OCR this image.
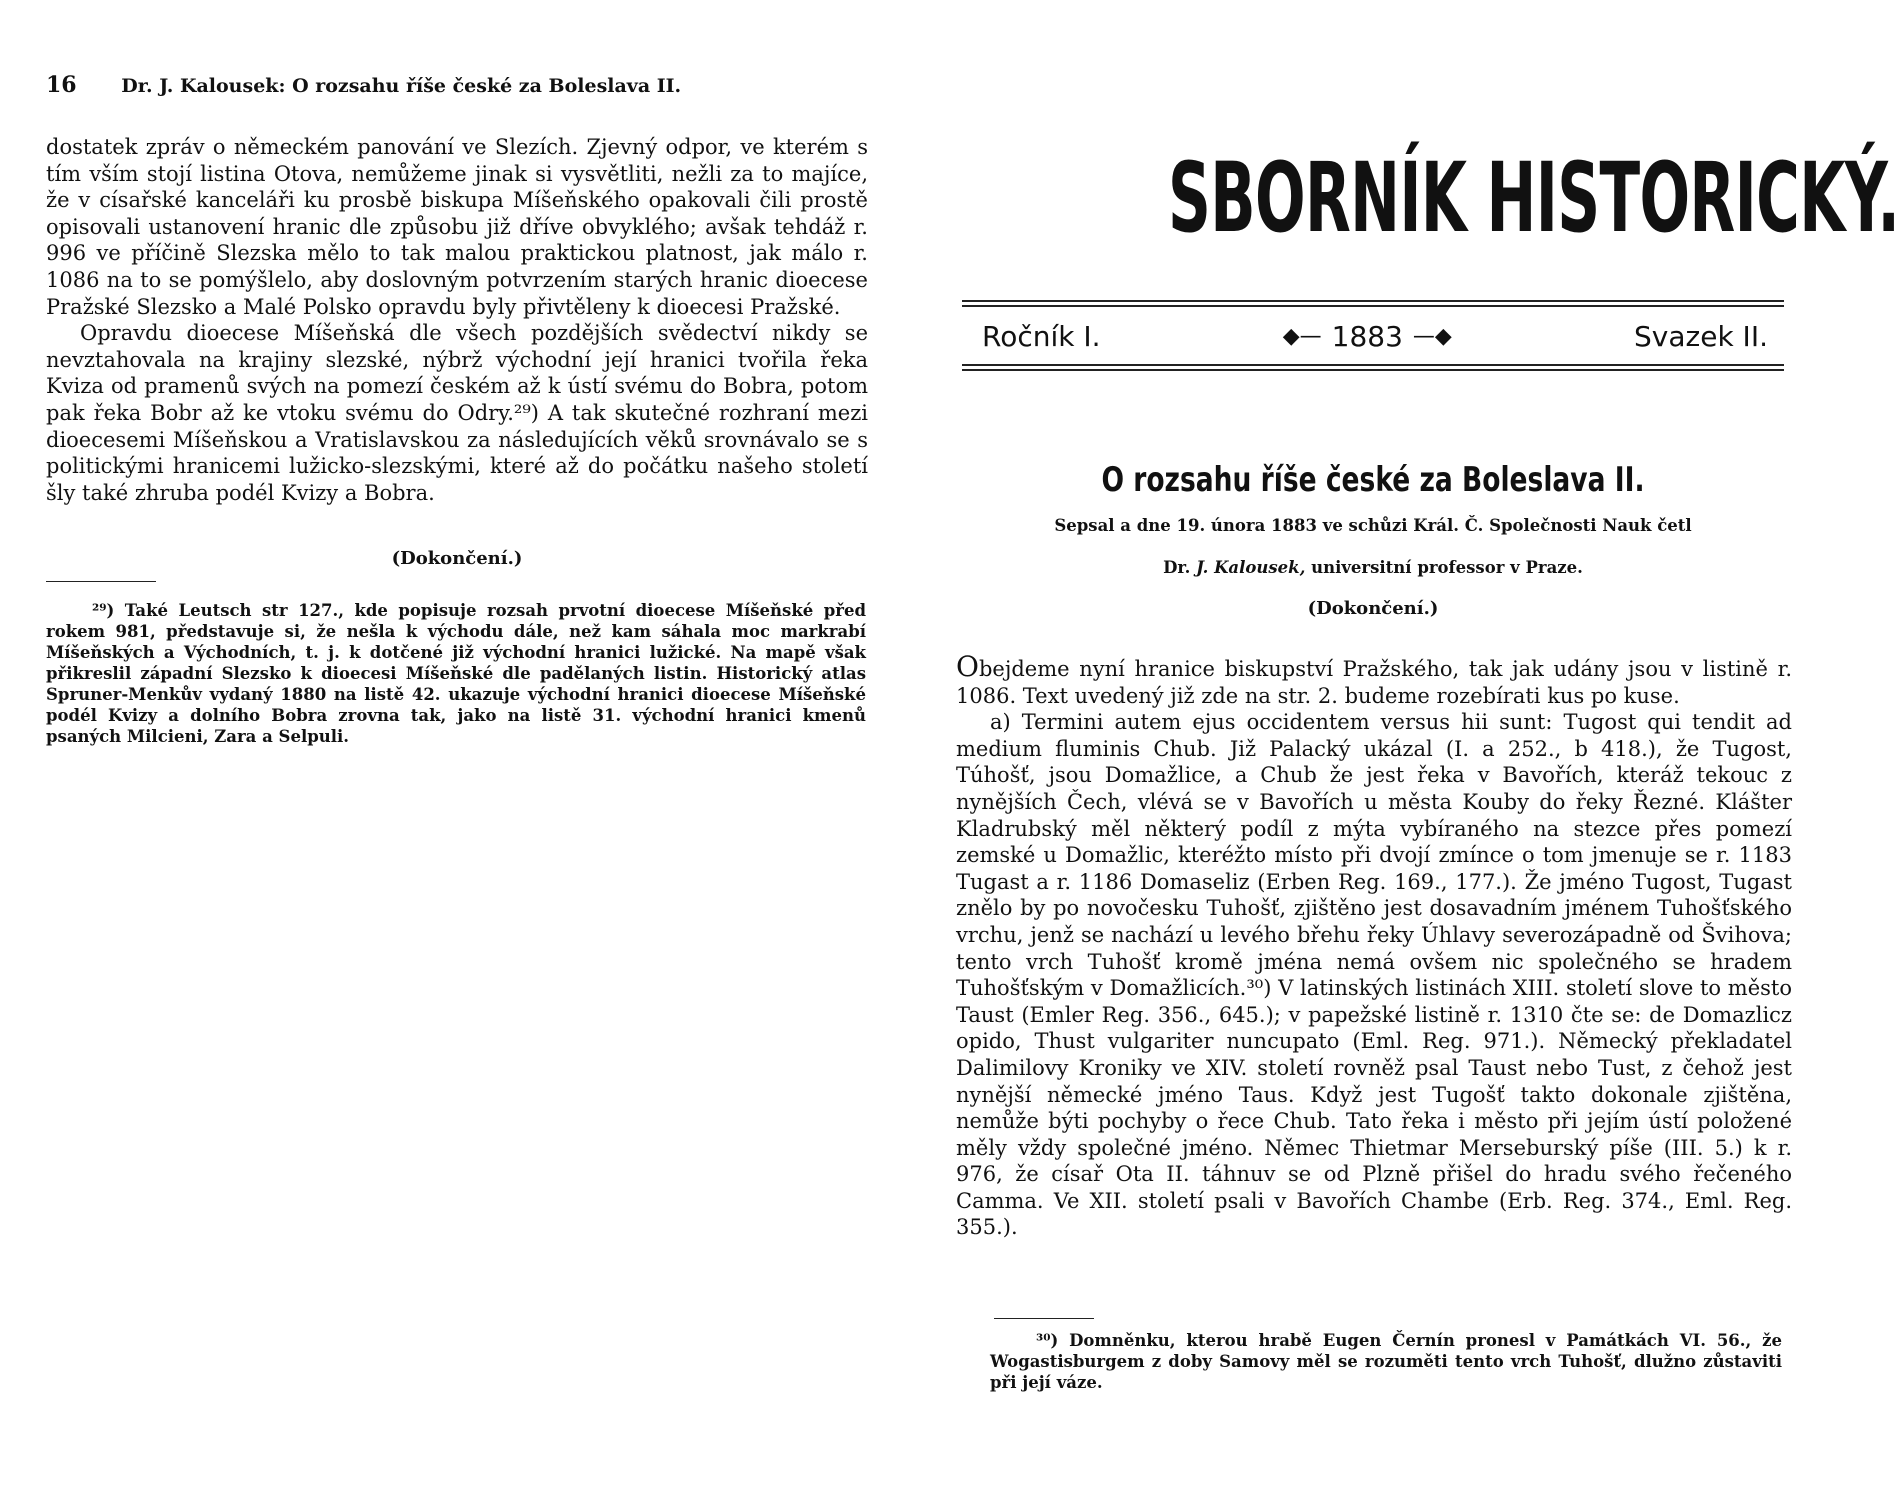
16 Dr. J. Kalousek: O rozsahu říše české za Boleslava II.

dostatek zpráv o německém panování ve Slezích. Zjevný odpor, ve kterém s tím vším stojí listina Otova, nemůžeme jinak si vysvětliti, nežli za to majíce, že v císařské kanceláři ku prosbě biskupa Míšeňského opakovali čili prostě opisovali ustanovení hranic dle způsobu již dříve obvyklého; avšak tehdáž r. 996 ve příčině Slezska mělo to tak malou praktickou platnost, jak málo r. 1086 na to se pomýšlelo, aby doslovným potvrzením starých hranic dioecese Pražské Slezsko a Malé Polsko opravdu byly přivtěleny k dioecesi Pražské.

Opravdu dioecese Míšeňská dle všech pozdějších svědectví nikdy se nevztahovala na krajiny slezské, nýbrž východní její hranici tvořila řeka Kviza od pramenů svých na pomezí českém až k ústí svému do Bobra, potom pak řeka Bobr až ke vtoku svému do Odry.²⁹) A tak skutečné rozhraní mezi dioecesemi Míšeňskou a Vratislavskou za následujících věků srovnávalo se s politickými hranicemi lužicko-slezskými, které až do počátku našeho století šly také zhruba podél Kvizy a Bobra.

(Dokončení.)

²⁹) Také Leutsch str 127., kde popisuje rozsah prvotní dioecese Míšeňské před rokem 981, představuje si, že nešla k východu dále, než kam sáhala moc markrabí Míšeňských a Východních, t. j. k dotčené již východní hranici lužické. Na mapě však přikreslil západní Slezsko k dioecesi Míšeňské dle padělaných listin. Historický atlas Spruner-Menkův vydaný 1880 na listě 42. ukazuje východní hranici dioecese Míšeňské podél Kvizy a dolního Bobra zrovna tak, jako na listě 31. východní hranici kmenů psaných Milcieni, Zara a Selpuli.

SBORNÍK HISTORICKÝ.
Ročník I.	◆— 1883 —◆	Svazek II.
O rozsahu říše české za Boleslava II.
Sepsal a dne 19. února 1883 ve schůzi Král. Č. Společnosti Nauk četl
Dr. J. Kalousek, universitní professor v Praze.
(Dokončení.)

Obejdeme nyní hranice biskupství Pražského, tak jak udány jsou v listině r. 1086. Text uvedený již zde na str. 2. budeme rozebírati kus po kuse.

a) Termini autem ejus occidentem versus hii sunt: Tugost qui tendit ad medium fluminis Chub. Již Palacký ukázal (I. a 252., b 418.), že Tugost, Túhošť, jsou Domažlice, a Chub že jest řeka v Bavořích, kteráž tekouc z nynějších Čech, vlévá se v Bavořích u města Kouby do řeky Řezné. Klášter Kladrubský měl některý podíl z mýta vybíraného na stezce přes pomezí zemské u Domažlic, kteréžto místo při dvojí zmínce o tom jmenuje se r. 1183 Tugast a r. 1186 Domaseliz (Erben Reg. 169., 177.). Že jméno Tugost, Tugast znělo by po novočesku Tuhošť, zjištěno jest dosavadním jménem Tuhošťského vrchu, jenž se nachází u levého břehu řeky Úhlavy severozápadně od Švihova; tento vrch Tuhošť kromě jména nemá ovšem nic společného se hradem Tuhošťským v Domažlicích.³⁰) V latinských listinách XIII. století slove to město Taust (Emler Reg. 356., 645.); v papežské listině r. 1310 čte se: de Domazlicz opido, Thust vulgariter nuncupato (Eml. Reg. 971.). Německý překladatel Dalimilovy Kroniky ve XIV. století rovněž psal Taust nebo Tust, z čehož jest nynější německé jméno Taus. Když jest Tugošť takto dokonale zjištěna, nemůže býti pochyby o řece Chub. Tato řeka i město při jejím ústí položené měly vždy společné jméno. Němec Thietmar Merseburský píše (III. 5.) k r. 976, že císař Ota II. táhnuv se od Plzně přišel do hradu svého řečeného Camma. Ve XII. století psali v Bavořích Chambe (Erb. Reg. 374., Eml. Reg. 355.).

³⁰) Domněnku, kterou hrabě Eugen Černín pronesl v Památkách VI. 56., že Wogastisburgem z doby Samovy měl se rozuměti tento vrch Tuhošť, dlužno zůstaviti při její váze.
